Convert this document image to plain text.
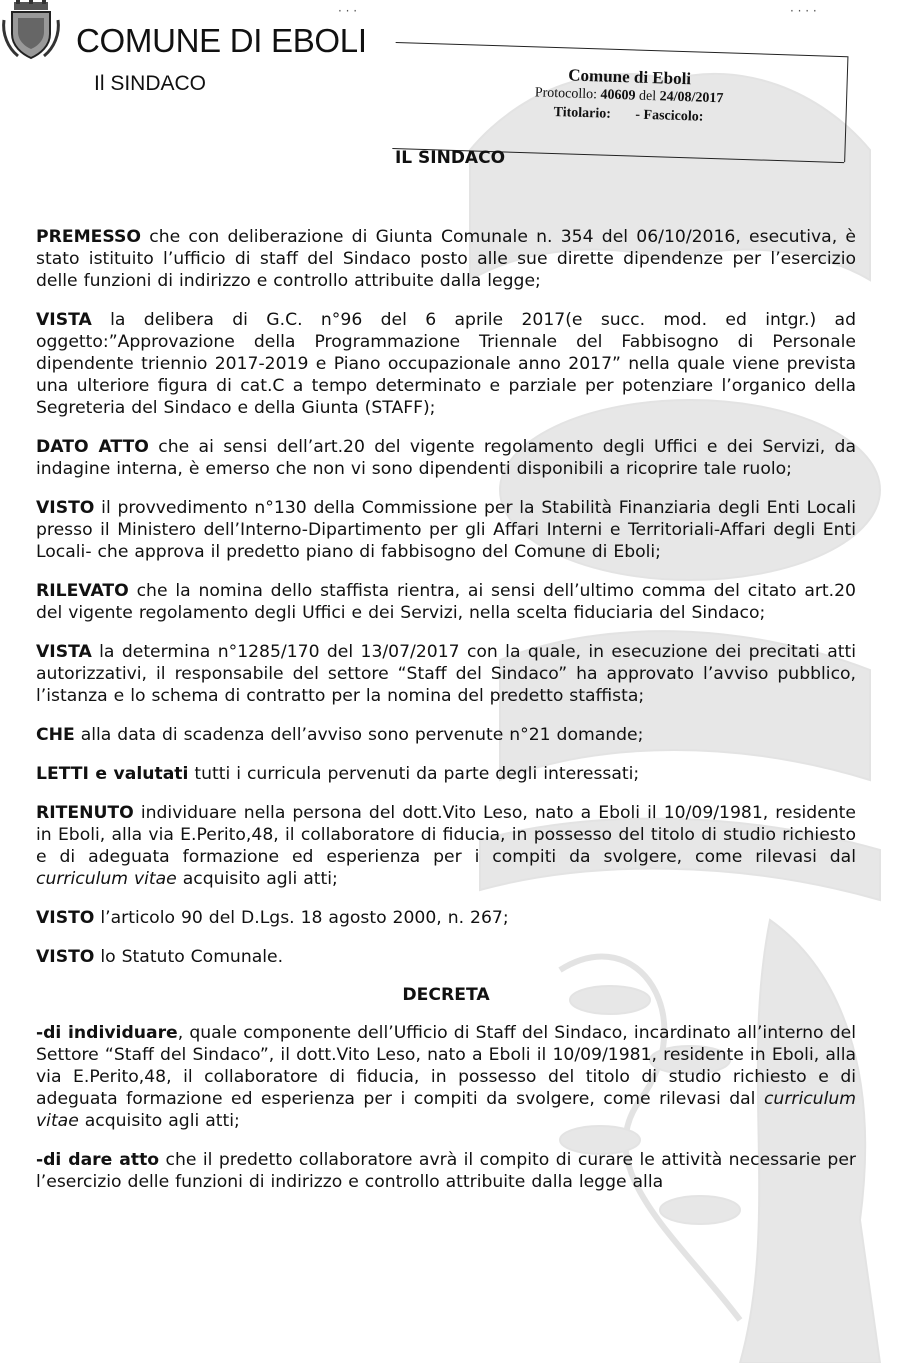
COMUNE DI EBOLI
Il SINDACO
· · ·	· · · ·
Comune di Eboli
Protocollo: 40609 del 24/08/2017
Titolario: - Fascicolo:
IL SINDACO

PREMESSO che con deliberazione di Giunta Comunale n. 354 del 06/10/2016, esecutiva, è stato istituito l’ufficio di staff del Sindaco posto alle sue dirette dipendenze per l’esercizio delle funzioni di indirizzo e controllo attribuite dalla legge;

VISTA la delibera di G.C. n°96 del 6 aprile 2017(e succ. mod. ed intgr.) ad oggetto:”Approvazione della Programmazione Triennale del Fabbisogno di Personale dipendente triennio 2017-2019 e Piano occupazionale anno 2017” nella quale viene prevista una ulteriore figura di cat.C a tempo determinato e parziale per potenziare l’organico della Segreteria del Sindaco e della Giunta (STAFF);

DATO ATTO che ai sensi dell’art.20 del vigente regolamento degli Uffici e dei Servizi, da indagine interna, è emerso che non vi sono dipendenti disponibili a ricoprire tale ruolo;

VISTO il provvedimento n°130 della Commissione per la Stabilità Finanziaria degli Enti Locali presso il Ministero dell’Interno-Dipartimento per gli Affari Interni e Territoriali-Affari degli Enti Locali- che approva il predetto piano di fabbisogno del Comune di Eboli;

RILEVATO che la nomina dello staffista rientra, ai sensi dell’ultimo comma del citato art.20 del vigente regolamento degli Uffici e dei Servizi, nella scelta fiduciaria del Sindaco;

VISTA la determina n°1285/170 del 13/07/2017 con la quale, in esecuzione dei precitati atti autorizzativi, il responsabile del settore “Staff del Sindaco” ha approvato l’avviso pubblico, l’istanza e lo schema di contratto per la nomina del predetto staffista;

CHE alla data di scadenza dell’avviso sono pervenute n°21 domande;

LETTI e valutati tutti i curricula pervenuti da parte degli interessati;

RITENUTO individuare nella persona del dott.Vito Leso, nato a Eboli il 10/09/1981, residente in Eboli, alla via E.Perito,48, il collaboratore di fiducia, in possesso del titolo di studio richiesto e di adeguata formazione ed esperienza per i compiti da svolgere, come rilevasi dal curriculum vitae acquisito agli atti;

VISTO l’articolo 90 del D.Lgs. 18 agosto 2000, n. 267;

VISTO lo Statuto Comunale.

DECRETA

-di individuare, quale componente dell’Ufficio di Staff del Sindaco, incardinato all’interno del Settore “Staff del Sindaco”, il dott.Vito Leso, nato a Eboli il 10/09/1981, residente in Eboli, alla via E.Perito,48, il collaboratore di fiducia, in possesso del titolo di studio richiesto e di adeguata formazione ed esperienza per i compiti da svolgere, come rilevasi dal curriculum vitae acquisito agli atti;

-di dare atto che il predetto collaboratore avrà il compito di curare le attività necessarie per l’esercizio delle funzioni di indirizzo e controllo attribuite dalla legge alla
